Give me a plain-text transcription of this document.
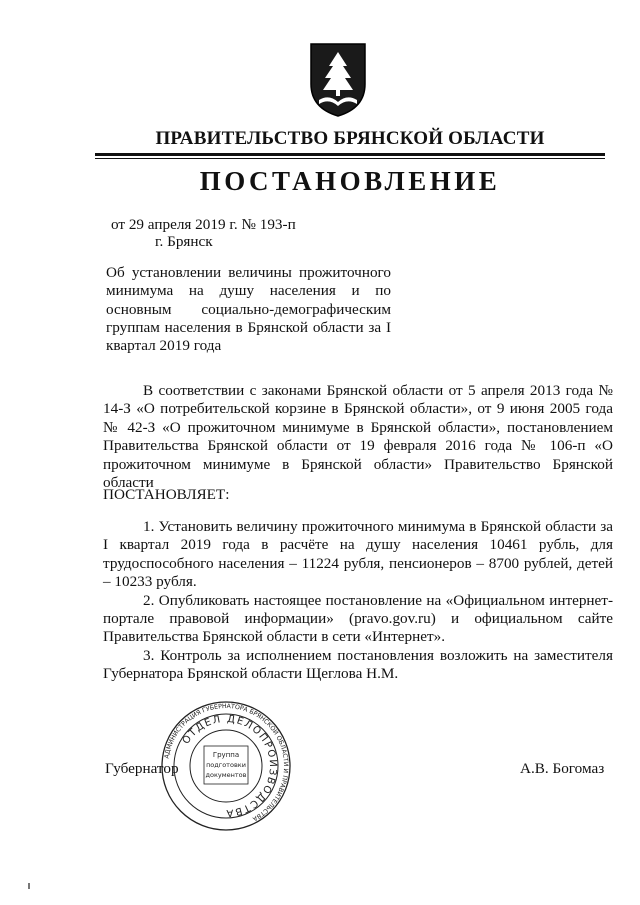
ПРАВИТЕЛЬСТВО БРЯНСКОЙ ОБЛАСТИ
ПОСТАНОВЛЕНИЕ
от 29 апреля 2019 г. № 193-п
г. Брянск
Об установлении величины прожиточного минимума на душу населения и по основным социально-демографическим группам населения в Брянской области за I квартал 2019 года
В соответствии с законами Брянской области от 5 апреля 2013 года № 14-З «О потребительской корзине в Брянской области», от 9 июня 2005 года № 42-З «О прожиточном минимуме в Брянской области», постановлением Правительства Брянской области от 19 февраля 2016 года № 106-п «О прожиточном минимуме в Брянской области» Правительство Брянской области
ПОСТАНОВЛЯЕТ:

1. Установить величину прожиточного минимума в Брянской области за I квартал 2019 года в расчёте на душу населения 10461 рубль, для трудоспособного населения – 11224 рубля, пенсионеров – 8700 рублей, детей – 10233 рубля.

2. Опубликовать настоящее постановление на «Официальном интернет-портале правовой информации» (pravo.gov.ru) и официальном сайте Правительства Брянской области в сети «Интернет».

3. Контроль за исполнением постановления возложить на заместителя Губернатора Брянской области Щеглова Н.М.

Губернатор	А.В. Богомаз
АДМИНИСТРАЦИЯ ГУБЕРНАТОРА БРЯНСКОЙ ОБЛАСТИ И ПРАВИТЕЛЬСТВА
ОТДЕЛ ДЕЛОПРОИЗВОДСТВА
Группа
подготовки
документов
